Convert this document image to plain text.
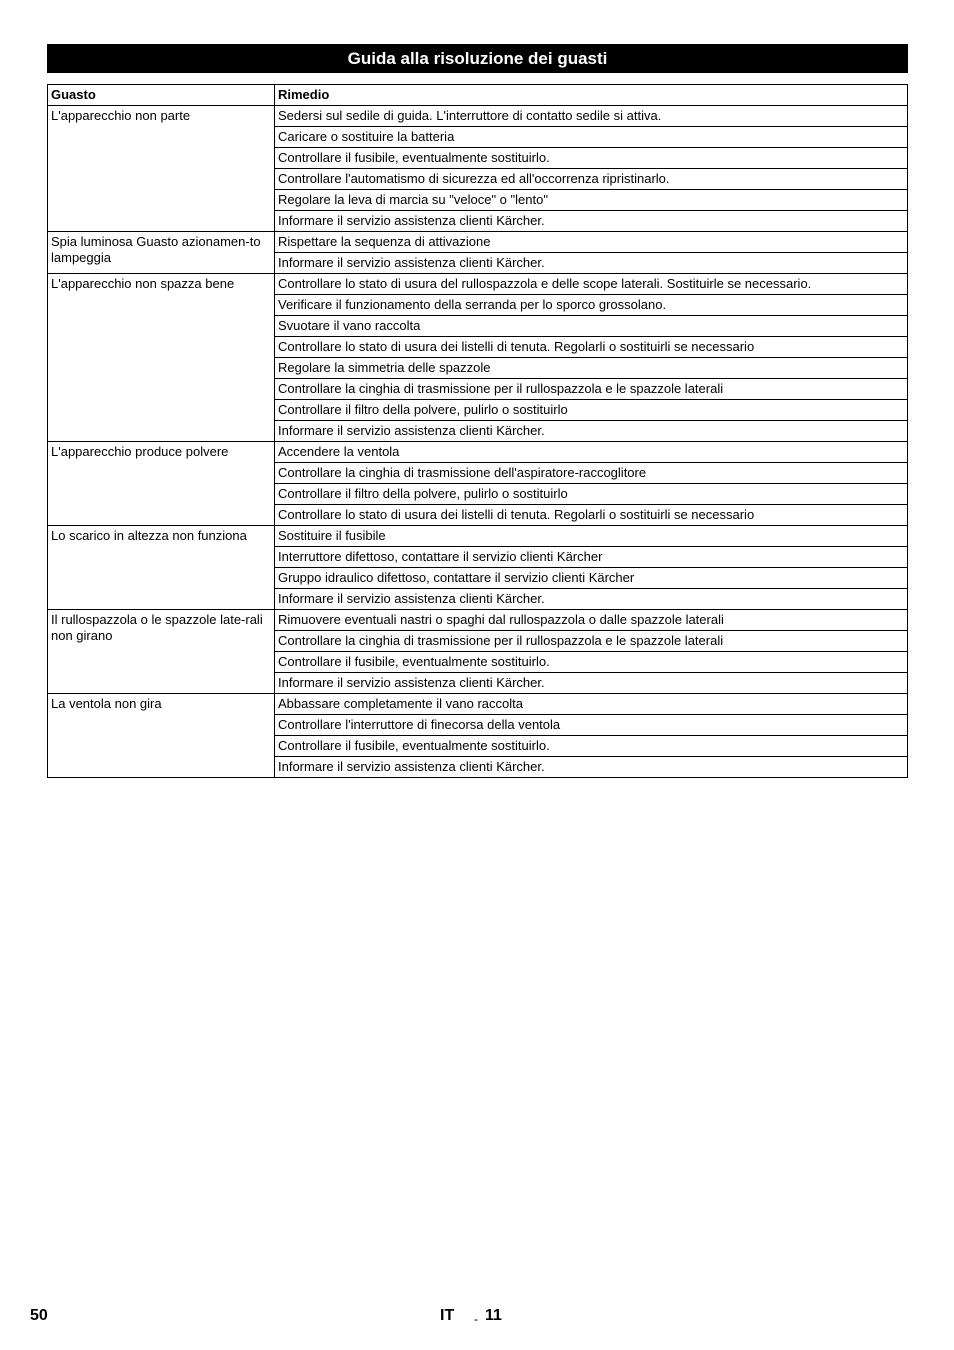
Guida alla risoluzione dei guasti
Guasto	Rimedio
L'apparecchio non parte	Sedersi sul sedile di guida. L'interruttore di contatto sedile si attiva.
	Caricare o sostituire la batteria
	Controllare il fusibile, eventualmente sostituirlo.
	Controllare l'automatismo di sicurezza ed all'occorrenza ripristinarlo.
	Regolare la leva di marcia su "veloce" o "lento"
	Informare il servizio assistenza clienti Kärcher.
Spia luminosa Guasto azionamen-to lampeggia	Rispettare la sequenza di attivazione
	Informare il servizio assistenza clienti Kärcher.
L'apparecchio non spazza bene	Controllare lo stato di usura del rullospazzola e delle scope laterali. Sostituirle se necessario.
	Verificare il funzionamento della serranda per lo sporco grossolano.
	Svuotare il vano raccolta
	Controllare lo stato di usura dei listelli di tenuta. Regolarli o sostituirli se necessario
	Regolare la simmetria delle spazzole
	Controllare la cinghia di trasmissione per il rullospazzola e le spazzole laterali
	Controllare il filtro della polvere, pulirlo o sostituirlo
	Informare il servizio assistenza clienti Kärcher.
L'apparecchio produce polvere	Accendere la ventola
	Controllare la cinghia di trasmissione dell'aspiratore-raccoglitore
	Controllare il filtro della polvere, pulirlo o sostituirlo
	Controllare lo stato di usura dei listelli di tenuta. Regolarli o sostituirli se necessario
Lo scarico in altezza non funziona	Sostituire il fusibile
	Interruttore difettoso, contattare il servizio clienti Kärcher
	Gruppo idraulico difettoso, contattare il servizio clienti Kärcher
	Informare il servizio assistenza clienti Kärcher.
Il rullospazzola o le spazzole late-rali non girano	Rimuovere eventuali nastri o spaghi dal rullospazzola o dalle spazzole laterali
	Controllare la cinghia di trasmissione per il rullospazzola e le spazzole laterali
	Controllare il fusibile, eventualmente sostituirlo.
	Informare il servizio assistenza clienti Kärcher.
La ventola non gira	Abbassare completamente il vano raccolta
	Controllare l'interruttore di finecorsa della ventola
	Controllare il fusibile, eventualmente sostituirlo.
	Informare il servizio assistenza clienti Kärcher.
50	IT - 11
